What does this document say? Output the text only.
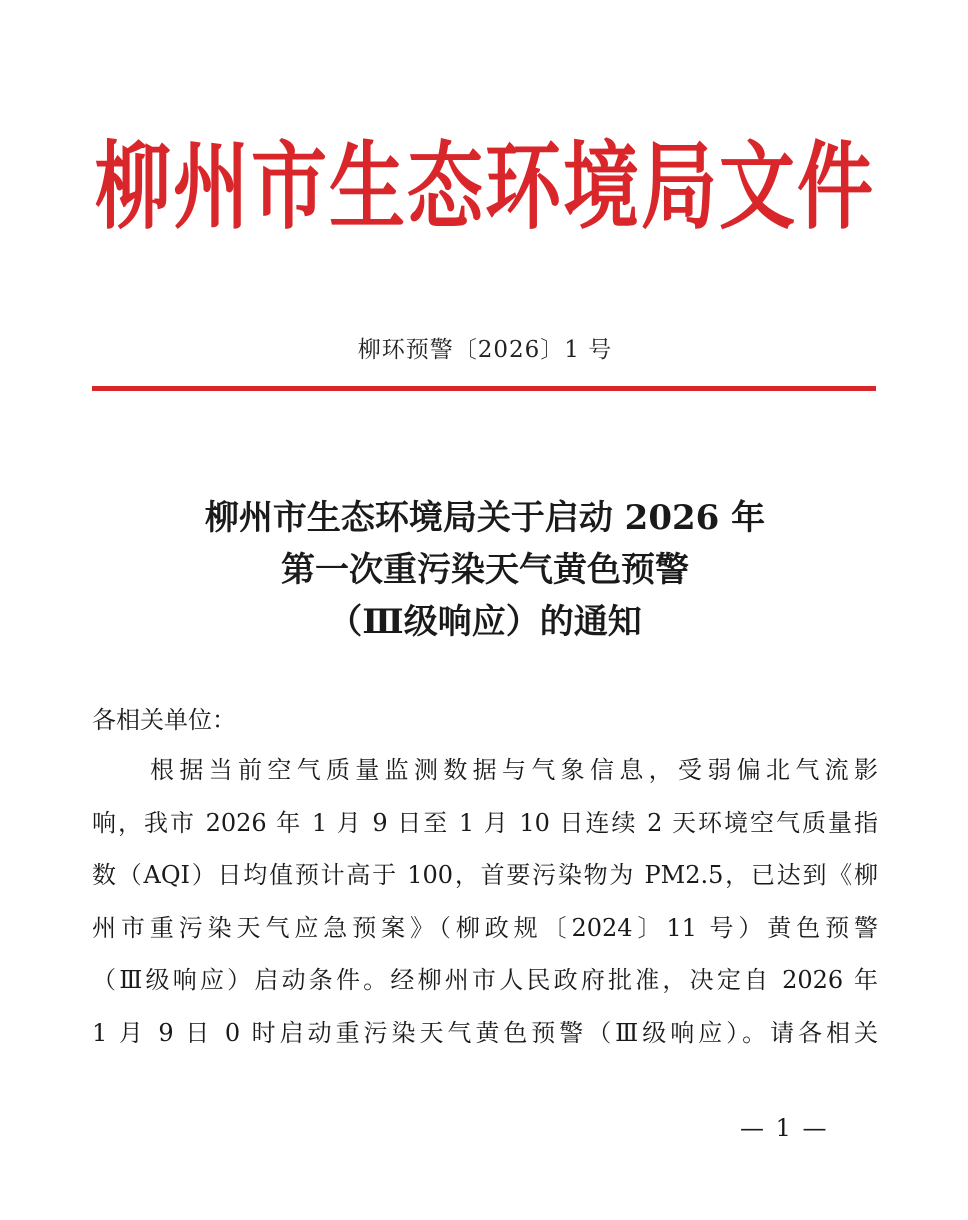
柳州市生态环境局文件
柳环预警〔2026〕1 号
柳州市生态环境局关于启动 2026 年
第一次重污染天气黄色预警
（Ⅲ级响应）的通知
各相关单位：
根据当前空气质量监测数据与气象信息，受弱偏北气流影
响，我市 2026 年 1 月 9 日至 1 月 10 日连续 2 天环境空气质量指
数（AQI）日均值预计高于 100，首要污染物为 PM2.5，已达到《柳
州市重污染天气应急预案》（柳政规〔2024〕11 号）黄色预警
（Ⅲ级响应）启动条件。经柳州市人民政府批准，决定自 2026 年
1 月 9 日 0 时启动重污染天气黄色预警（Ⅲ级响应）。请各相关
— 1 —
